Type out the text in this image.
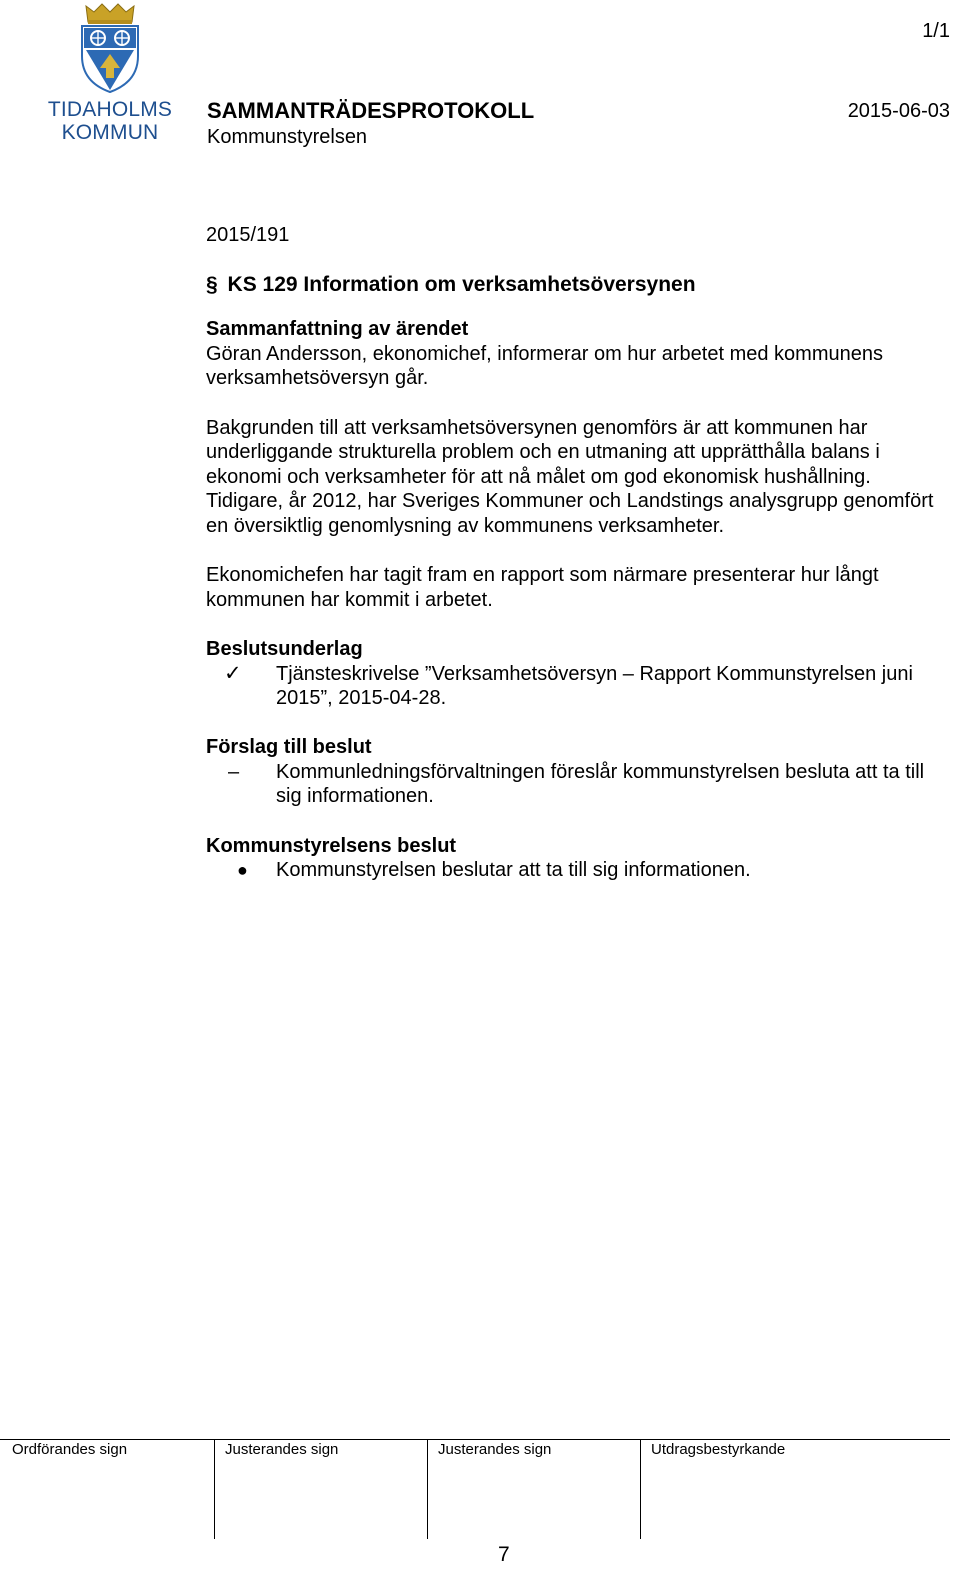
1/1
TIDAHOLMS
KOMMUN
SAMMANTRÄDESPROTOKOLL	2015-06-03
Kommunstyrelsen
2015/191
§ KS 129 Information om verksamhetsöversynen
Sammanfattning av ärendet

Göran Andersson, ekonomichef, informerar om hur arbetet med kommunens verksamhetsöversyn går.

Bakgrunden till att verksamhetsöversynen genomförs är att kommunen har underliggande strukturella problem och en utmaning att upprätthålla balans i ekonomi och verksamheter för att nå målet om god ekonomisk hushållning. Tidigare, år 2012, har Sveriges Kommuner och Landstings analysgrupp genomfört en översiktlig genomlysning av kommunens verksamheter.

Ekonomichefen har tagit fram en rapport som närmare presenterar hur långt kommunen har kommit i arbetet.

Beslutsunderlag
✓ Tjänsteskrivelse ”Verksamhetsöversyn – Rapport Kommunstyrelsen juni 2015”, 2015-04-28.
Förslag till beslut
– Kommunledningsförvaltningen föreslår kommunstyrelsen besluta att ta till sig informationen.
Kommunstyrelsens beslut
● Kommunstyrelsen beslutar att ta till sig informationen.
Ordförandes sign	Justerandes sign	Justerandes sign	Utdragsbestyrkande
7
